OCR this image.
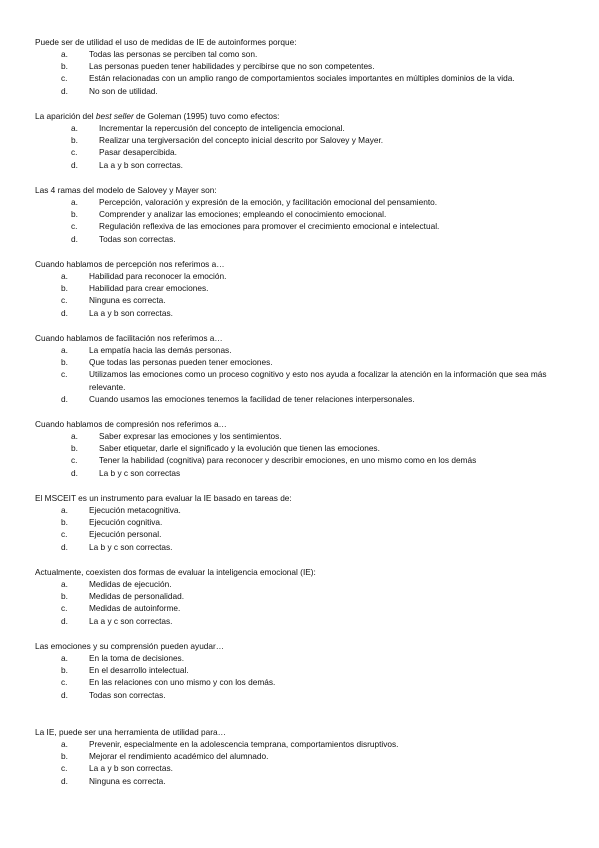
Puede ser de utilidad el uso de medidas de IE de autoinformes porque:
a.	Todas las personas se perciben tal como son.
b.	Las personas pueden tener habilidades y percibirse que no son competentes.
c.	Están relacionadas con un amplio rango de comportamientos sociales importantes en múltiples dominios de la vida.
d.	No son de utilidad.
La aparición del best seller de Goleman (1995) tuvo como efectos:
a.	Incrementar la repercusión del concepto de inteligencia emocional.
b.	Realizar una tergiversación del concepto inicial descrito por Salovey y Mayer.
c.	Pasar desapercibida.
d.	La a y b son correctas.
Las 4 ramas del modelo de Salovey y Mayer son:
a.	Percepción, valoración y expresión de la emoción, y facilitación emocional del pensamiento.
b.	Comprender y analizar las emociones; empleando el conocimiento emocional.
c.	Regulación reflexiva de las emociones para promover el crecimiento emocional e intelectual.
d.	Todas son correctas.
Cuando hablamos de percepción nos referimos a…
a.	Habilidad para reconocer la emoción.
b.	Habilidad para crear emociones.
c.	Ninguna es correcta.
d.	La a y b son correctas.
Cuando hablamos de facilitación nos referimos a…
a.	La empatía hacia las demás personas.
b.	Que todas las personas pueden tener emociones.
c.	Utilizamos las emociones como un proceso cognitivo y esto nos ayuda a focalizar la atención en la información que sea más relevante.
d.	Cuando usamos las emociones tenemos la facilidad de tener relaciones interpersonales.
Cuando hablamos de compresión nos referimos a…
a.	Saber expresar las emociones y los sentimientos.
b.	Saber etiquetar, darle el significado y la evolución que tienen las emociones.
c.	Tener la habilidad (cognitiva) para reconocer y describir emociones, en uno mismo como en los demás
d.	La b y c son correctas
El MSCEIT es un instrumento para evaluar la IE basado en tareas de:
a.	Ejecución metacognitiva.
b.	Ejecución cognitiva.
c.	Ejecución personal.
d.	La b y c son correctas.
Actualmente, coexisten dos formas de evaluar la inteligencia emocional (IE):
a.	Medidas de ejecución.
b.	Medidas de personalidad.
c.	Medidas de autoinforme.
d.	La a y c son correctas.
Las emociones y su comprensión pueden ayudar…
a.	En la toma de decisiones.
b.	En el desarrollo intelectual.
c.	En las relaciones con uno mismo y con los demás.
d.	Todas son correctas.
La IE, puede ser una herramienta de utilidad para…
a.	Prevenir, especialmente en la adolescencia temprana, comportamientos disruptivos.
b.	Mejorar el rendimiento académico del alumnado.
c.	La a y b son correctas.
d.	Ninguna es correcta.
